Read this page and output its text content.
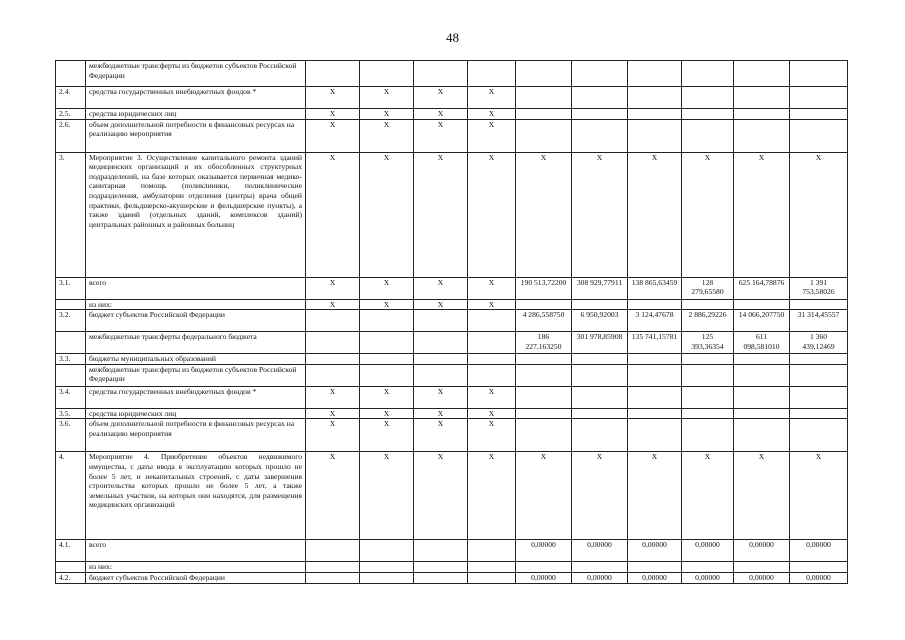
48
	межбюджетные трансферты из бюджетов субъектов Российской Федерации										
2.4.	средства государственных внебюджетных фондов *	X	X	X	X						
2.5.	средства юридических лиц	X	X	X	X						
2.6.	объем дополнительной потребности в финансовых ресурсах на реализацию мероприятия	X	X	X	X						
3.	Мероприятие 3. Осуществление капитального ремонта зданий медицинских организаций и их обособленных структурных подразделений, на базе которых оказывается первичная медико-санитарная помощь (поликлиники, поликлинические подразделения, амбулатории отделения (центры) врача общей практики, фельдшерско-акушерские и фельдшерские пункты), а также зданий (отдельных зданий, комплексов зданий) центральных районных и районных больниц	X	X	X	X	X	X	X	X	X	X
3.1.	всего	X	X	X	X	190 513,72200	308 929,77911	138 865,63459	128 279,65580	625 164,78876	1 391 753,58026
	из них:	X	X	X	X						
3.2.	бюджет субъектов Российской Федерации					4 286,558750	6 950,92003	3 124,47678	2 886,29226	14 066,207750	31 314,45557
	межбюджетные трансферты федерального бюджета					186 227,163250	301 978,85908	135 741,15781	125 393,36354	611 098,581010	1 360 439,12469
3.3.	бюджеты муниципальных образований										
	межбюджетные трансферты из бюджетов субъектов Российской Федерации										
3.4.	средства государственных внебюджетных фондов *	X	X	X	X						
3.5.	средства юридических лиц	X	X	X	X						
3.6.	объем дополнительной потребности в финансовых ресурсах на реализацию мероприятия	X	X	X	X						
4.	Мероприятие 4. Приобретение объектов недвижимого имущества, с даты ввода в эксплуатацию которых прошло не более 5 лет, и некапитальных строений, с даты завершения строительства которых прошло не более 5 лет, а также земельных участков, на которых они находятся, для размещения медицинских организаций	X	X	X	X	X	X	X	X	X	X
4.1.	всего					0,00000	0,00000	0,00000	0,00000	0,00000	0,00000
	из них:										
4.2.	бюджет субъектов Российской Федерации					0,00000	0,00000	0,00000	0,00000	0,00000	0,00000
